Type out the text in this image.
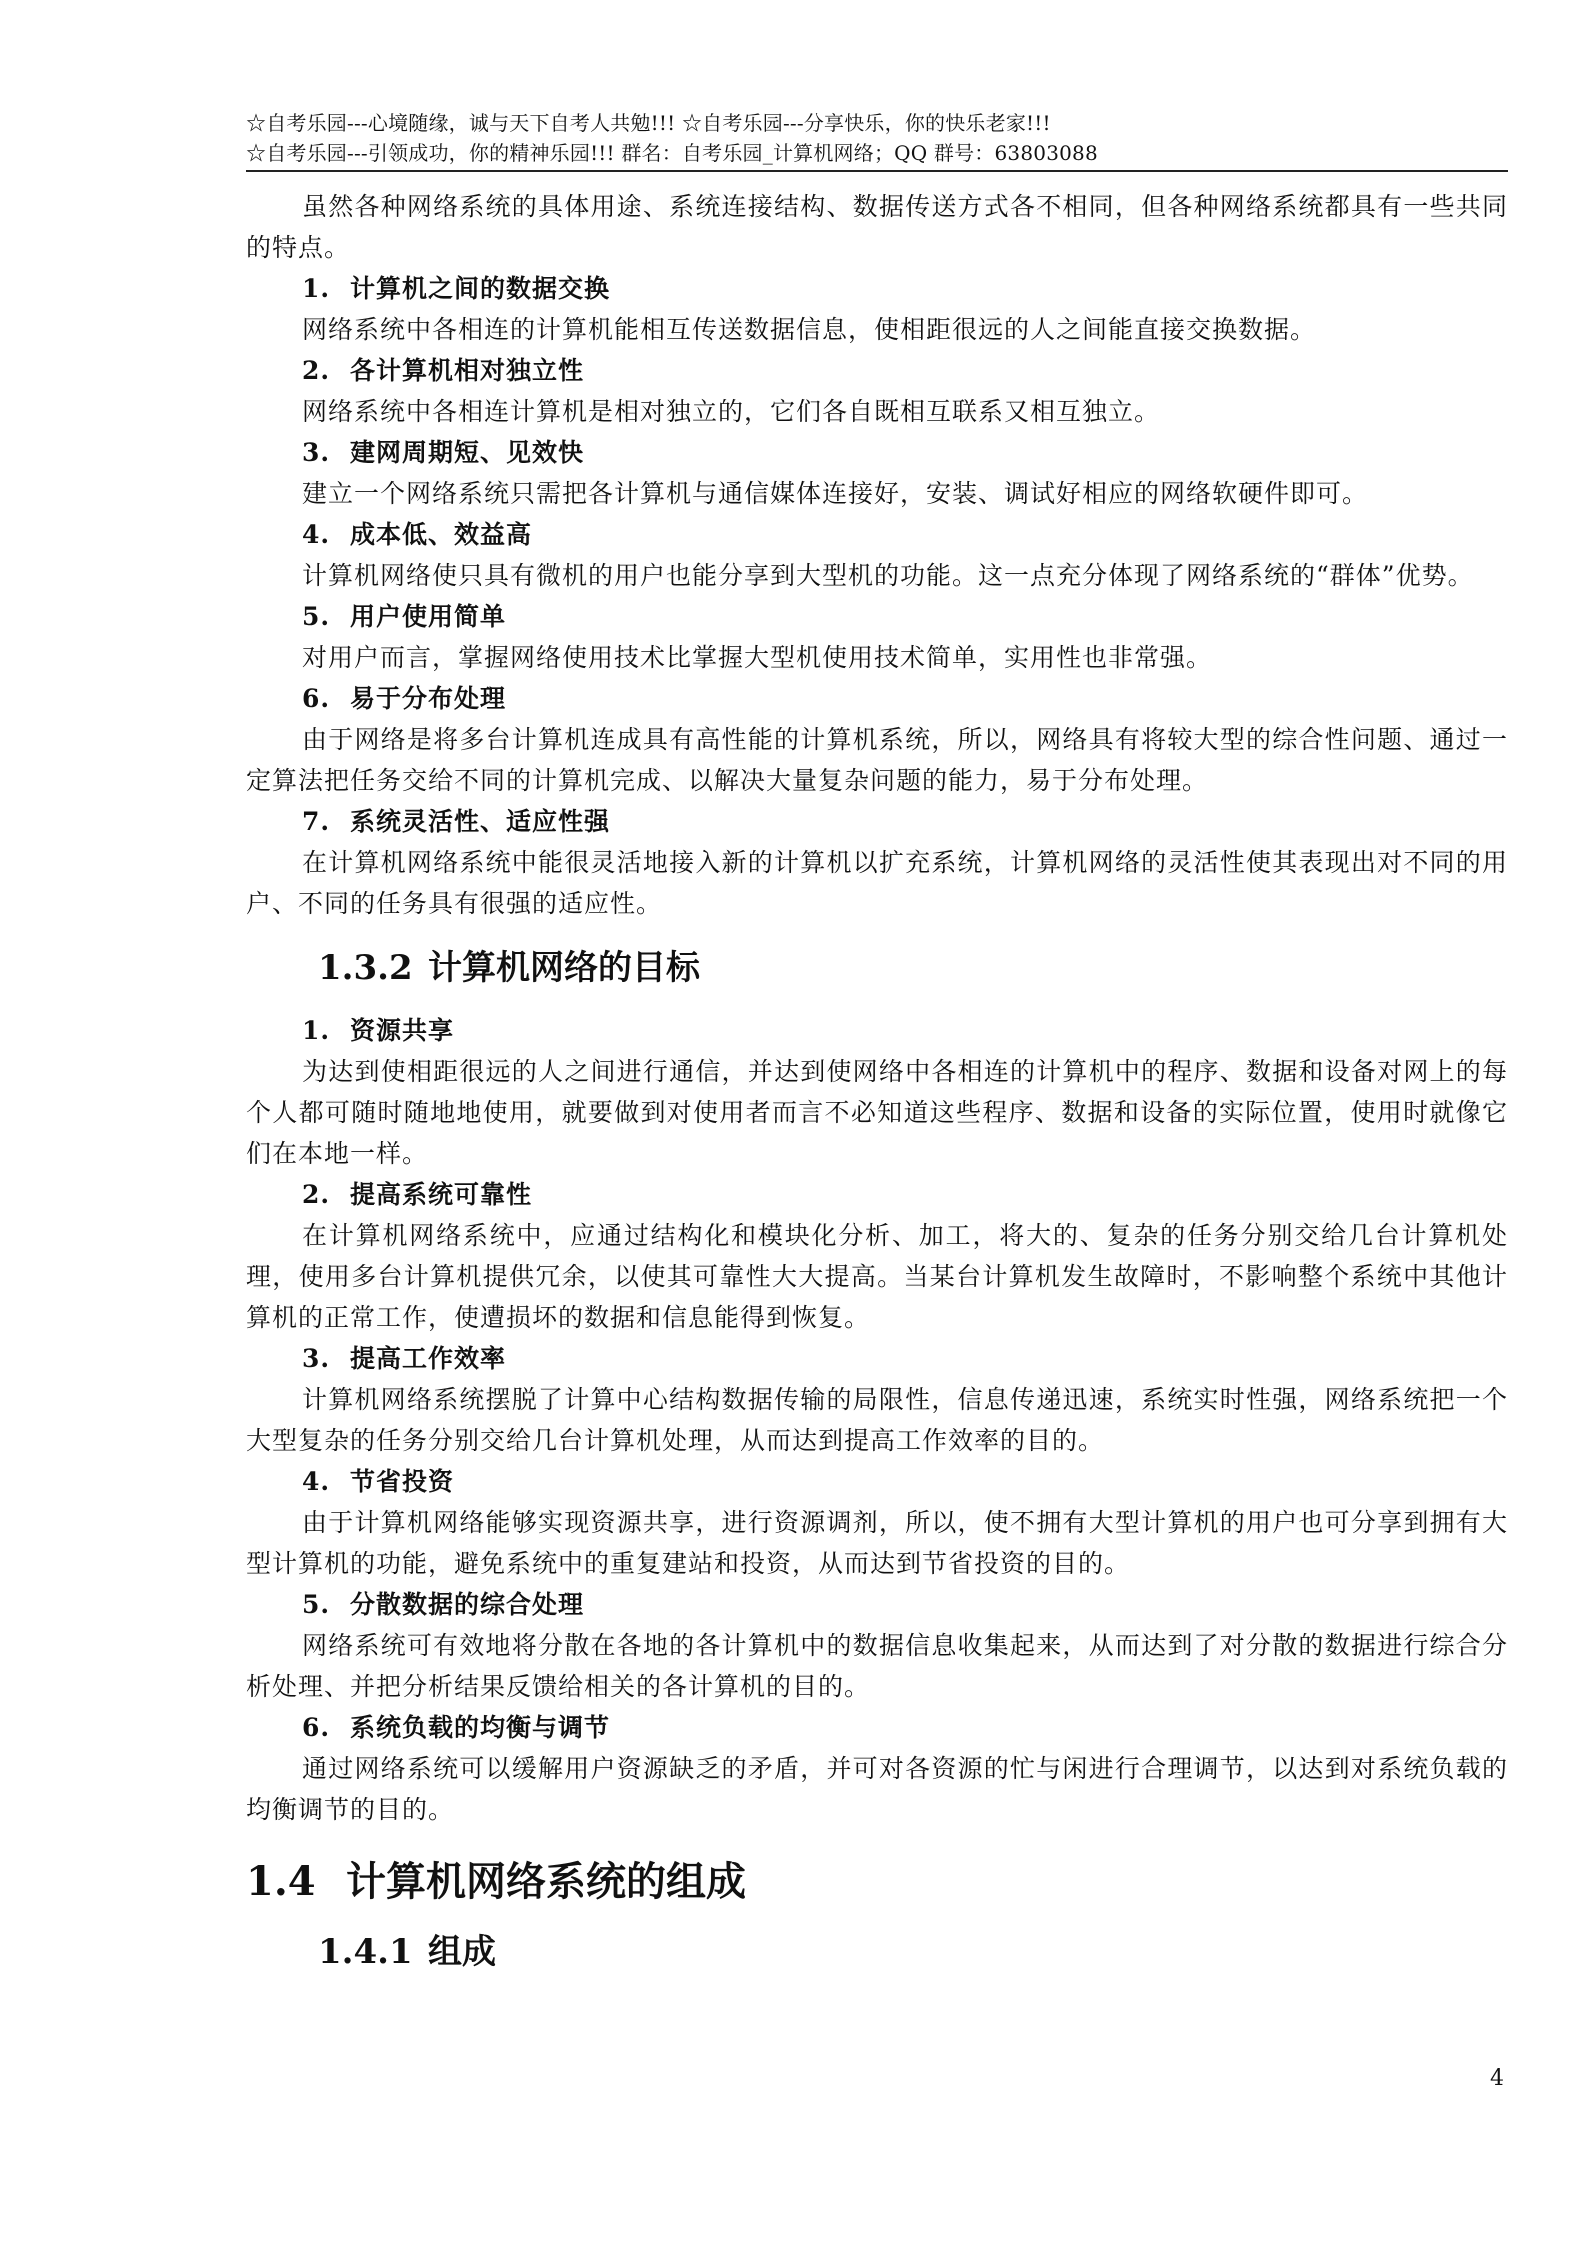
☆自考乐园---心境随缘，诚与天下自考人共勉!!! ☆自考乐园---分享快乐，你的快乐老家!!!
☆自考乐园---引领成功，你的精神乐园!!! 群名：自考乐园_计算机网络；QQ 群号：63803088

虽然各种网络系统的具体用途、系统连接结构、数据传送方式各不相同，但各种网络系统都具有一些共同的特点。

1. 计算机之间的数据交换

网络系统中各相连的计算机能相互传送数据信息，使相距很远的人之间能直接交换数据。

2. 各计算机相对独立性

网络系统中各相连计算机是相对独立的，它们各自既相互联系又相互独立。

3. 建网周期短、见效快

建立一个网络系统只需把各计算机与通信媒体连接好，安装、调试好相应的网络软硬件即可。

4. 成本低、效益高

计算机网络使只具有微机的用户也能分享到大型机的功能。这一点充分体现了网络系统的“群体”优势。

5. 用户使用简单

对用户而言，掌握网络使用技术比掌握大型机使用技术简单，实用性也非常强。

6. 易于分布处理

由于网络是将多台计算机连成具有高性能的计算机系统，所以，网络具有将较大型的综合性问题、通过一定算法把任务交给不同的计算机完成、以解决大量复杂问题的能力，易于分布处理。

7. 系统灵活性、适应性强

在计算机网络系统中能很灵活地接入新的计算机以扩充系统，计算机网络的灵活性使其表现出对不同的用户、不同的任务具有很强的适应性。

1.3.2 计算机网络的目标
1. 资源共享

为达到使相距很远的人之间进行通信，并达到使网络中各相连的计算机中的程序、数据和设备对网上的每个人都可随时随地地使用，就要做到对使用者而言不必知道这些程序、数据和设备的实际位置，使用时就像它们在本地一样。

2. 提高系统可靠性

在计算机网络系统中，应通过结构化和模块化分析、加工，将大的、复杂的任务分别交给几台计算机处理，使用多台计算机提供冗余，以使其可靠性大大提高。当某台计算机发生故障时，不影响整个系统中其他计算机的正常工作，使遭损坏的数据和信息能得到恢复。

3. 提高工作效率

计算机网络系统摆脱了计算中心结构数据传输的局限性，信息传递迅速，系统实时性强，网络系统把一个大型复杂的任务分别交给几台计算机处理，从而达到提高工作效率的目的。

4. 节省投资

由于计算机网络能够实现资源共享，进行资源调剂，所以，使不拥有大型计算机的用户也可分享到拥有大型计算机的功能，避免系统中的重复建站和投资，从而达到节省投资的目的。

5. 分散数据的综合处理

网络系统可有效地将分散在各地的各计算机中的数据信息收集起来，从而达到了对分散的数据进行综合分析处理、并把分析结果反馈给相关的各计算机的目的。

6. 系统负载的均衡与调节

通过网络系统可以缓解用户资源缺乏的矛盾，并可对各资源的忙与闲进行合理调节，以达到对系统负载的均衡调节的目的。

1.4 计算机网络系统的组成
1.4.1 组成
4
